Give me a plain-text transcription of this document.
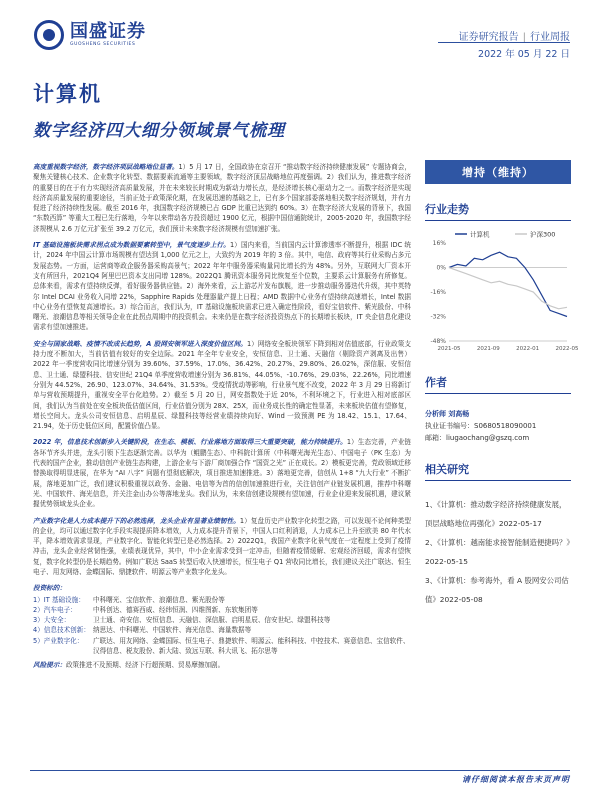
国盛证券
GUOSHENG SECURITIES
证券研究报告 | 行业周报
2022 年 05 月 22 日
计算机
数字经济四大细分领域景气梳理

高度重视数字经济，数字经济项层战略地位显著。1）5 月 17 日，全国政协在京召开 “推动数字经济持续健康发展” 专题协商会，聚焦关键核心技术、企业数字化转型、数据要素流通等主要领域，数字经济顶层战略地位再度强调。2）我们认为，推进数字经济的重要目的在于有力实现经济高质量发展，并在未来较长时期成为新动力增长点，是经济增长核心驱动力之一。而数字经济是实现经济高质量发展的重要途径，当前正处于政策深化期，在发展迅速的基础之上，已有多个国家部委落地相关数字经济规划，并有力促进了经济持续性发展。截至 2016 年，我国数字经济规模已占 GDP 比重已达到约 60%。3）在数字经济大发展的背景下，我国 “东数西算” 等重大工程已先行落地，今年以来带动各方投资超过 1900 亿元，根据中国信通院统计，2005-2020 年，我国数字经济规模从 2.6 万亿元扩张至 39.2 万亿元，我们预计未来数字经济规模有望加速扩张。

IT 基础设施板块需求拐点成为数据要素转型中，景气度逐步上行。1）国内来看，当前国内云计算渗透率不断提升，根据 IDC 统计，2024 年中国云计算市场规模有望达到 1,000 亿元之上，大致约为 2019 年的 3 倍。其中，电信、政府等其行业采购占多元发展态势。一方面，运营商等政企服务器采购高景气；2022 年年中服务器采购量同比增长约为 48%。另外，互联网大厂资本开支有所回升，2021Q4 阿里巴巴资本支出同增 128%。2022Q1 腾讯资本服务同比恢复至个位数，主要系云计算服务有所修复。总体来看，需求有望持续反弹，看好服务器供应链。2）海外来看，云上游芯片发布旗舰，进一步推动服务器迭代升级，其中英特尔 Intel DCAI 业务收入同增 22%，Sapphire Rapids 处理器量产提上日程；AMD 数据中心业务有望持续高速增长，Intel 数据中心业务有望恢复高速增长。3）综合而言，我们认为，IT 基础设施板块需求已进入确定性阶段，看好宝信软件、紫光股份、中科曙光、浪潮信息等相关领导企业在此拐点周期中的投资机会。未来仍是在数字经济投资热点下的长期增长板块，IT 央企信息化建设需求有望加速推进。

安全与国家战略、疫情不改成长趋势，A 股网安领军进入深度价值区间。1）网络安全板块领军下降到相对估值底部，行业政策支持力度不断加大，当前估值有较好的安全边际。2021 年全年专业安全，安恒信息、卫士通、天融信（剔除资产剥离及出售）2022 年一季度营收同比增速分别为 39.60%、37.59%、17.0%、36.42%、20.27%、29.80%、26.02%，深信服、安恒信息、卫士通、绿盟科技、信安世纪 21Q4 单季度营收增速分别为 36.81%、44.05%、-10.76%、29.03%、22.26%，同比增速分别为 44.52%、26.90、123.07%、34.64%、31.53%。受疫情扰动等影响，行业景气度不改变，2022 年 3 月 29 日将新订单与营收预期提升，重视安全平台化趋势。2）截至 5 月 20 日，网安指数处于近 20%，不利环境之下，行业进入相对底部区间，我们认为当前处在安全板块低估值区间，行业估值分别为 28X、25X，而业务成长性的确定性显著，未来板块估值有望修复，增长空间大。龙头公司安恒信息、启明星辰、绿盟科技等经营业绩持续向好、Wind 一致预测 PE 为 18.42、15.1、17.64、21.94，处于历史低位区间，配置价值凸显。

2022 年，信息技术创新步入关键阶段，在生态、模板、行业落地方面取得三大重要突破，能力持续提升。1）生态完善，产业链各环节齐头并进，龙头引领下生态逐渐完善。以华为（鲲鹏生态）、中科院计算所（中科曙光海光生态）、中国电子（PK 生态）为代表的国产企业，推动信创产业链生态构建，上游企业与下游厂商加强合作 “国资之光” 正在成长。2）模板更完善，党政领域迁移替换取得明显进展，在华为 “AI 八字” 问题有望彻底解决，项目推进加速推进。3）落地更完善，信创从 1+8 “九大行业” 不断扩展，落地更加广泛，我们建议积极重视以政务、金融、电信等为首的信创加速推进行业，关注信创产业链发展机遇，推荐中科曙光、中国软件、海光信息，并关注金山办公等落地龙头。我们认为，未来信创建设规模有望加速，行业企业迎来发展机遇，建议紧握优势领域龙头企业。

产业数字化是人力成本提升下的必然选择，龙头企业有显著业绩韧性。1）复盘历史产业数字化转型之路，可以发现不论何种类型的企业，均可以通过数字化手段实现提质降本增效，人力成本提升背景下，中国人口红利消退，人力成本已上升至欧美 80 年代水平，降本增效需求显现，产业数字化、智能化转型已是必然选择。2）2022Q1，我国产业数字化景气度在一定程度上受到了疫情冲击，龙头企业经营韧性强，业绩表现优异，其中，中小企业需求受到一定冲击，但随着疫情缓解、宏观经济回暖，需求有望恢复，数字化转型仍是长期趋势。例如广联达 SaaS 转型后收入快速增长，恒生电子 Q1 营收同比增长，我们建议关注广联达、恒生电子、用友网络、金蝶国际、鼎捷软件、明源云等产业数字化龙头。

投资标的：
1）IT 基础设施：	中科曙光、宝信软件、浪潮信息、紫光股份等
2）汽车电子：	中科创达、德赛西威、经纬恒润、四维图新、东软集团等
3）大安全：	卫士通、奇安信、安恒信息、天融信、深信服、启明星辰、信安世纪、绿盟科技等
4）信息技术创新： 纳思达、中科曙光、中国软件、海光信息、海量数据等
5）产业数字化：	广联达、用友网络、金蝶国际、恒生电子、鼎捷软件、明源云、能科科技、中控技术、赛意信息、宝信软件、汉得信息、税友股份、新大陆、致远互联、科大讯飞、拓尔思等

风险提示：政策推进不及预期、经济下行超预期、贸易摩擦加剧。

增持（维持）
行业走势
计算机	沪深300
16%
0%
-16%
-32%
-48%
2021-05	2021-09	2022-01	2022-05
作者
分析师 刘高畅
执业证书编号：S0680518090001
邮箱：liugaochang@gszq.com
相关研究
1、《计算机：推动数字经济持续健康发展，顶层战略地位再强化》2022-05-17
2、《计算机：越南能求接智能制造便捷吗？》2022-05-15
3、《计算机：参考海外，看 A 股网安公司估值》2022-05-08
请仔细阅读本报告末页声明
